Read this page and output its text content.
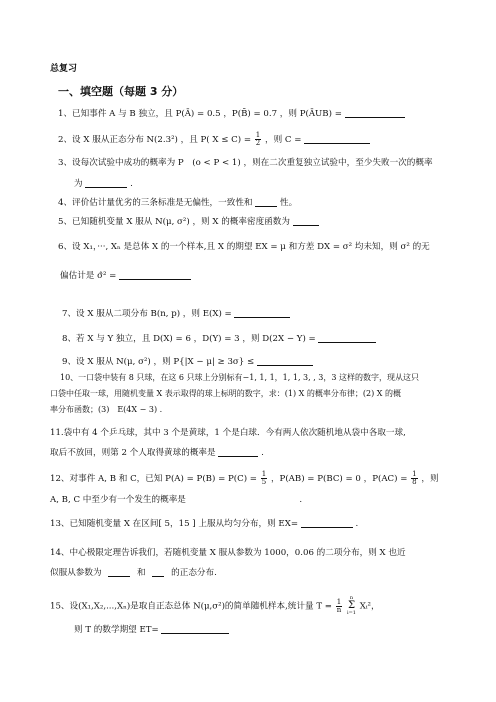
总复习
一、填空题（每题 3 分）
1、已知事件 A 与 B 独立，且 P(Ā) = 0.5 ，P(B̄) = 0.7 ，则 P(ĀUB) =
2、设 X 服从正态分布 N(2.3²) ，且 P( $X \le C) = \frac{1}{2}$ ，则 C =
3、设每次试验中成功的概率为 P　(ο < P < 1) ，则在二次重复独立试验中，至少失败一次的概率
为	.
4、评价估计量优劣的三条标准是无偏性，一致性和	性。
5、已知随机变量 X 服从 N(μ, σ²) ，则 X 的概率密度函数为
6、设 X₁，···, Xₙ 是总体 X 的一个样本,且 X 的期望 EX = μ 和方差 DX = σ² 均未知，则 σ² 的无
偏估计是 σ̂² =
7、设 X 服从二项分布 B(n, p) ，则 E(X) =
8、若 X 与 Y 独立，且 D(X) = 6 ，D(Y) = 3 ，则 D(2X − Y) =
9、设 X 服从 N(μ, σ²) ，则 P{|X − μ| ≥ 3σ} ≤
10、一口袋中装有 8 只球，在这 6 只球上分别标有−1, 1, 1，1, 1, 3, , 3，3 这样的数字，现从这只
口袋中任取一球，用随机变量 X 表示取得的球上标明的数字，求：(1) X 的概率分布律；(2) X 的概
率分布函数；(3)　E(4X − 3) .
11.袋中有 4 个乒乓球，其中 3 个是黄球，1 个是白球．今有两人依次随机地从袋中各取一球,
取后不放回，则第 2 个人取得黄球的概率是	.
12、对事件 A, B 和 C，已知 $P(A) = P(B) = P(C) = \frac{1}{5}$ ，P(AB) = P(BC) = 0 ，$P(AC) = \frac{1}{8}$ ，则
A, B, C 中至少有一个发生的概率是	.
13、已知随机变量 X 在区间[ 5，15 ] 上服从均匀分布，则 EX=	.
14、中心极限定理告诉我们，若随机变量 X 服从参数为 1000，0.06 的二项分布，则 X 也近
似服从参数为	和	的正态分布.
15、设(X₁,X₂,...,Xₙ)是取自正态总体 N(μ,σ²)的简单随机样本,统计量 $T = \frac{1}{n}$
n
Σ
i=1 Xᵢ²，
则 T 的数学期望 ET=
